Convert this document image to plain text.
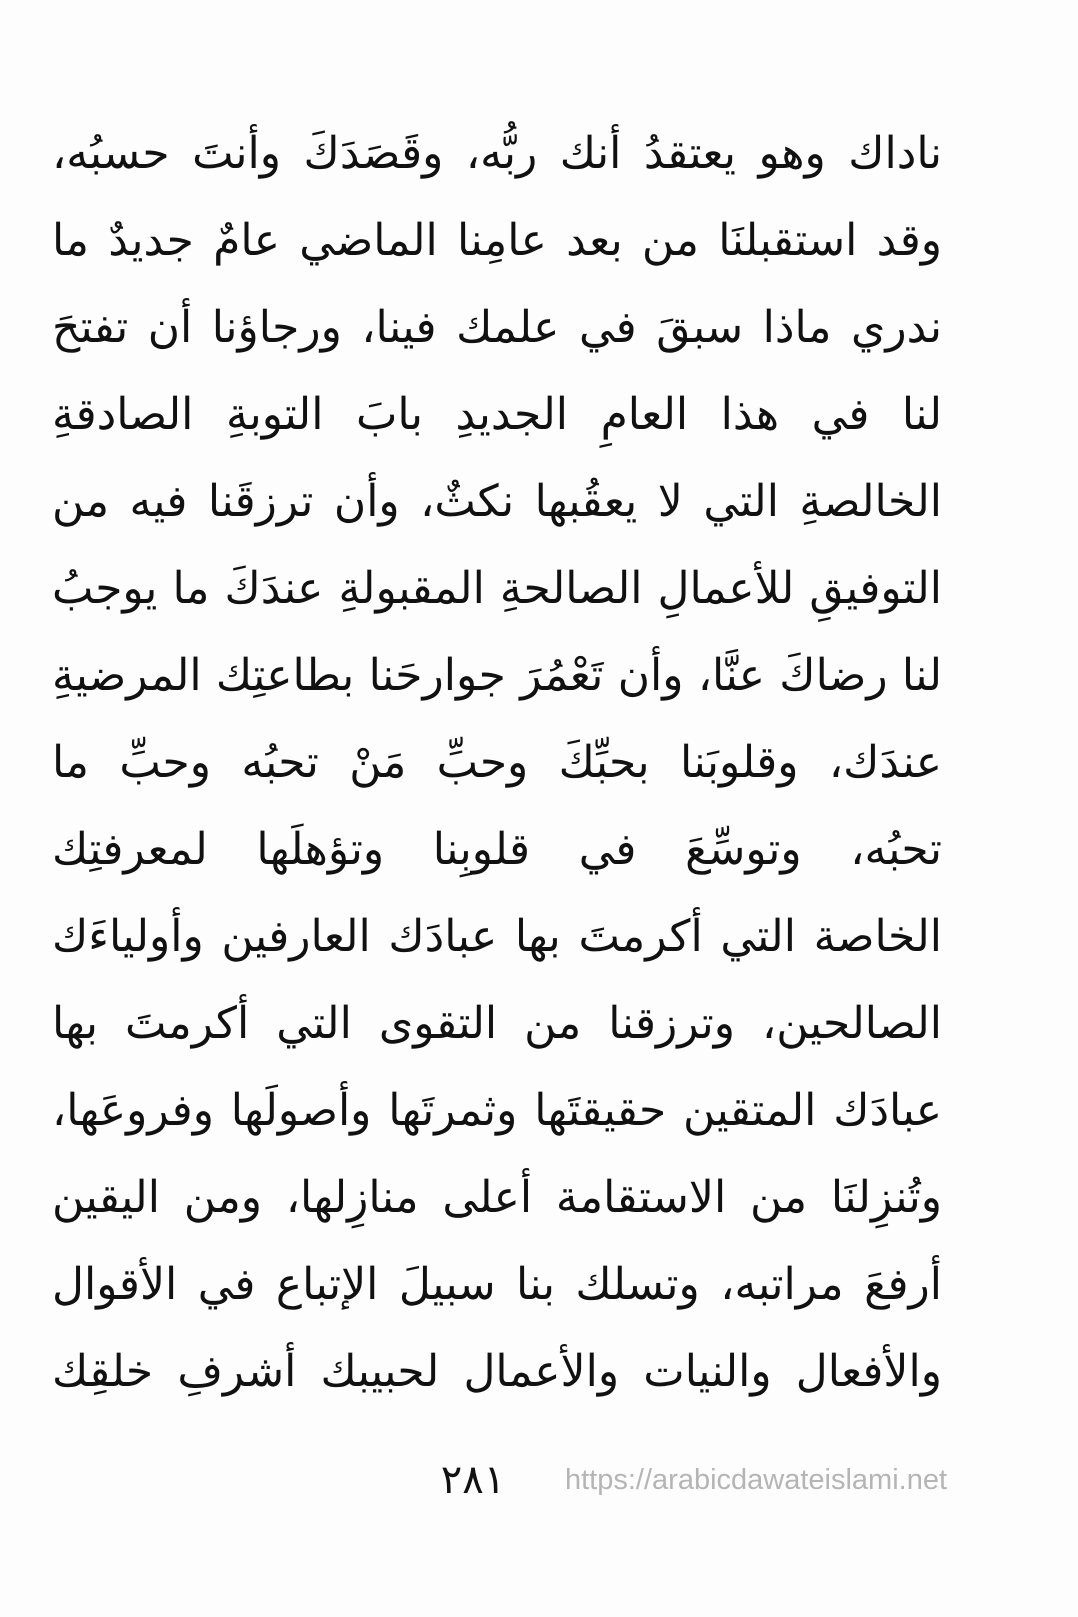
ناداك وهو يعتقدُ أنك ربُّه، وقَصَدَكَ وأنتَ حسبُه،
وقد استقبلنَا من بعد عامِنا الماضي عامٌ جديدٌ ما
ندري ماذا سبقَ في علمك فينا، ورجاؤنا أن تفتحَ
لنا في هذا العامِ الجديدِ بابَ التوبةِ الصادقةِ
الخالصةِ التي لا يعقُبها نكثٌ، وأن ترزقَنا فيه من
التوفيقِ للأعمالِ الصالحةِ المقبولةِ عندَكَ ما يوجبُ
لنا رضاكَ عنَّا، وأن تَعْمُرَ جوارحَنا بطاعتِك المرضيةِ
عندَك، وقلوبَنا بحبِّكَ وحبِّ مَنْ تحبُه وحبِّ ما
تحبُه، وتوسِّعَ في قلوبِنا وتؤهلَها لمعرفتِك
الخاصة التي أكرمتَ بها عبادَك العارفين وأولياءَك
الصالحين، وترزقنا من التقوى التي أكرمتَ بها
عبادَك المتقين حقيقتَها وثمرتَها وأصولَها وفروعَها،
وتُنزِلنَا من الاستقامة أعلى منازِلها، ومن اليقين
أرفعَ مراتبه، وتسلك بنا سبيلَ الإتباع في الأقوال
والأفعال والنيات والأعمال لحبيبك أشرفِ خلقِك
٢٨١	https://arabicdawateislami.net
